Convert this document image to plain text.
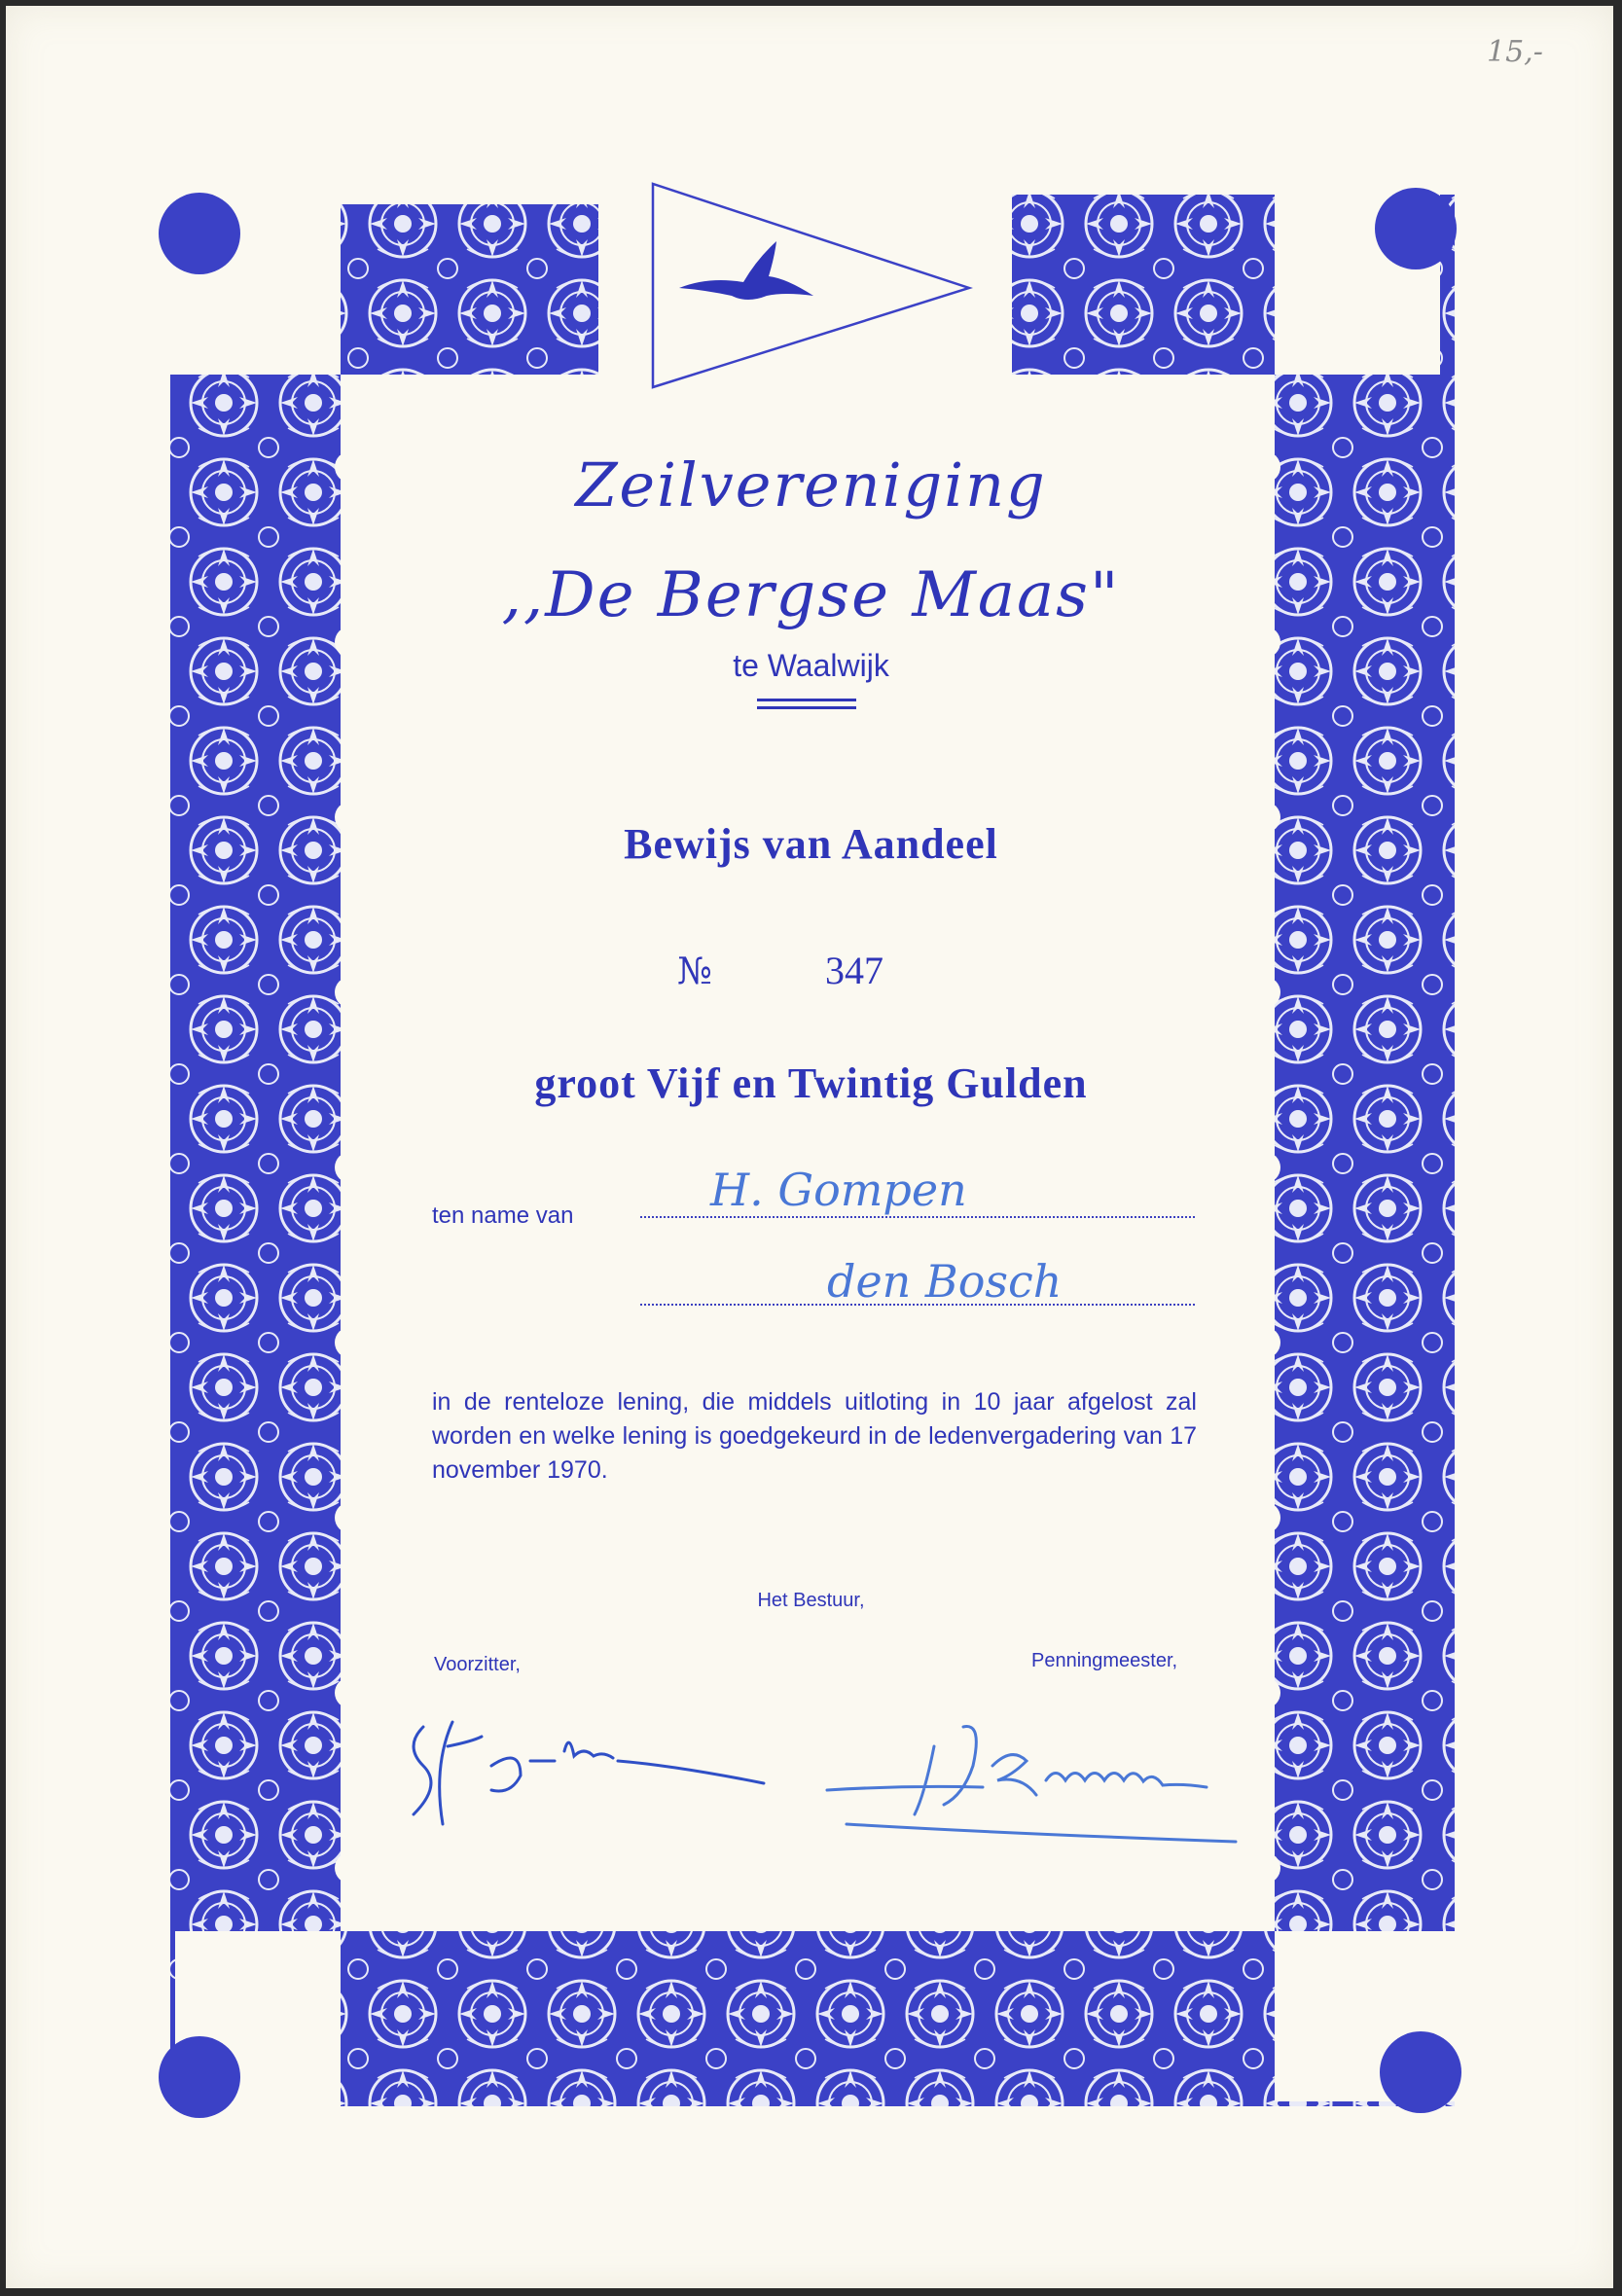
Zeilvereniging
,,De Bergse Maas"
te Waalwijk
Bewijs van Aandeel
№	347
groot Vijf en Twintig Gulden
ten name van	H. Gompen
den Bosch
in de renteloze lening, die middels uitloting in 10 jaar afgelost zal worden en welke lening is goedgekeurd in de ledenvergadering van 17 november 1970.
Het Bestuur,
Voorzitter,	Penningmeester,
